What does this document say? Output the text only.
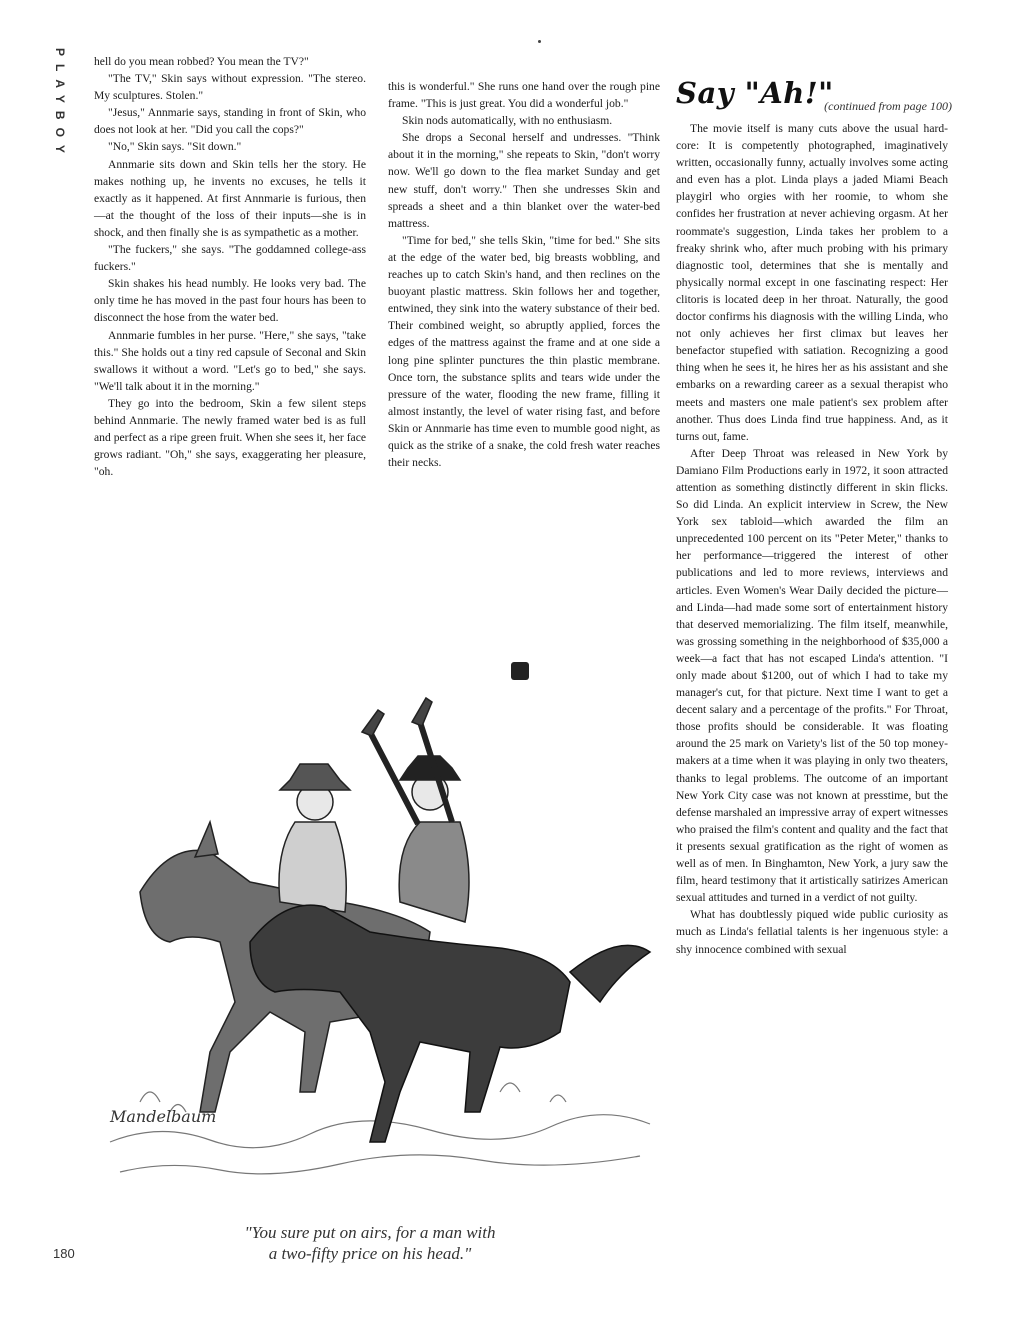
PLAYBOY
180

hell do you mean robbed? You mean the TV?"

"The TV," Skin says without expression. "The stereo. My sculptures. Stolen."

"Jesus," Annmarie says, standing in front of Skin, who does not look at her. "Did you call the cops?"

"No," Skin says. "Sit down."

Annmarie sits down and Skin tells her the story. He makes nothing up, he invents no excuses, he tells it exactly as it happened. At first Annmarie is furious, then—at the thought of the loss of their inputs—she is in shock, and then finally she is as sympathetic as a mother.

"The fuckers," she says. "The goddamned college-ass fuckers."

Skin shakes his head numbly. He looks very bad. The only time he has moved in the past four hours has been to disconnect the hose from the water bed.

Annmarie fumbles in her purse. "Here," she says, "take this." She holds out a tiny red capsule of Seconal and Skin swallows it without a word. "Let's go to bed," she says. "We'll talk about it in the morning."

They go into the bedroom, Skin a few silent steps behind Annmarie. The newly framed water bed is as full and perfect as a ripe green fruit. When she sees it, her face grows radiant. "Oh," she says, exaggerating her pleasure, "oh.

this is wonderful." She runs one hand over the rough pine frame. "This is just great. You did a wonderful job."

Skin nods automatically, with no enthusiasm.

She drops a Seconal herself and undresses. "Think about it in the morning," she repeats to Skin, "don't worry now. We'll go down to the flea market Sunday and get new stuff, don't worry." Then she undresses Skin and spreads a sheet and a thin blanket over the water-bed mattress.

"Time for bed," she tells Skin, "time for bed." She sits at the edge of the water bed, big breasts wobbling, and reaches up to catch Skin's hand, and then reclines on the buoyant plastic mattress. Skin follows her and together, entwined, they sink into the watery substance of their bed. Their combined weight, so abruptly applied, forces the edges of the mattress against the frame and at one side a long pine splinter punctures the thin plastic membrane. Once torn, the substance splits and tears wide under the pressure of the water, flooding the new frame, filling it almost instantly, the level of water rising fast, and before Skin or Annmarie has time even to mumble good night, as quick as the strike of a snake, the cold fresh water reaches their necks.

Say "Ah!"
(continued from page 100)

The movie itself is many cuts above the usual hard-core: It is competently photographed, imaginatively written, occasionally funny, actually involves some acting and even has a plot. Linda plays a jaded Miami Beach playgirl who orgies with her roomie, to whom she confides her frustration at never achieving orgasm. At her roommate's suggestion, Linda takes her problem to a freaky shrink who, after much probing with his primary diagnostic tool, determines that she is mentally and physically normal except in one fascinating respect: Her clitoris is located deep in her throat. Naturally, the good doctor confirms his diagnosis with the willing Linda, who not only achieves her first climax but leaves her benefactor stupefied with satiation. Recognizing a good thing when he sees it, he hires her as his assistant and she embarks on a rewarding career as a sexual therapist who meets and masters one male patient's sex problem after another. Thus does Linda find true happiness. And, as it turns out, fame.

After Deep Throat was released in New York by Damiano Film Productions early in 1972, it soon attracted attention as something distinctly different in skin flicks. So did Linda. An explicit interview in Screw, the New York sex tabloid—which awarded the film an unprecedented 100 percent on its "Peter Meter," thanks to her performance—triggered the interest of other publications and led to more reviews, interviews and articles. Even Women's Wear Daily decided the picture—and Linda—had made some sort of entertainment history that deserved memorializing. The film itself, meanwhile, was grossing something in the neighborhood of $35,000 a week—a fact that has not escaped Linda's attention. "I only made about $1200, out of which I had to take my manager's cut, for that picture. Next time I want to get a decent salary and a percentage of the profits." For Throat, those profits should be considerable. It was floating around the 25 mark on Variety's list of the 50 top money-makers at a time when it was playing in only two theaters, thanks to legal problems. The outcome of an important New York City case was not known at presstime, but the defense marshaled an impressive array of expert witnesses who praised the film's content and quality and the fact that it presents sexual gratification as the right of women as well as of men. In Binghamton, New York, a jury saw the film, heard testimony that it artistically satirizes American sexual attitudes and turned in a verdict of not guilty.

What has doubtlessly piqued wide public curiosity as much as Linda's fellatial talents is her ingenuous style: a shy innocence combined with sexual

Mandelbaum
"You sure put on airs, for a man with
a two-fifty price on his head."
